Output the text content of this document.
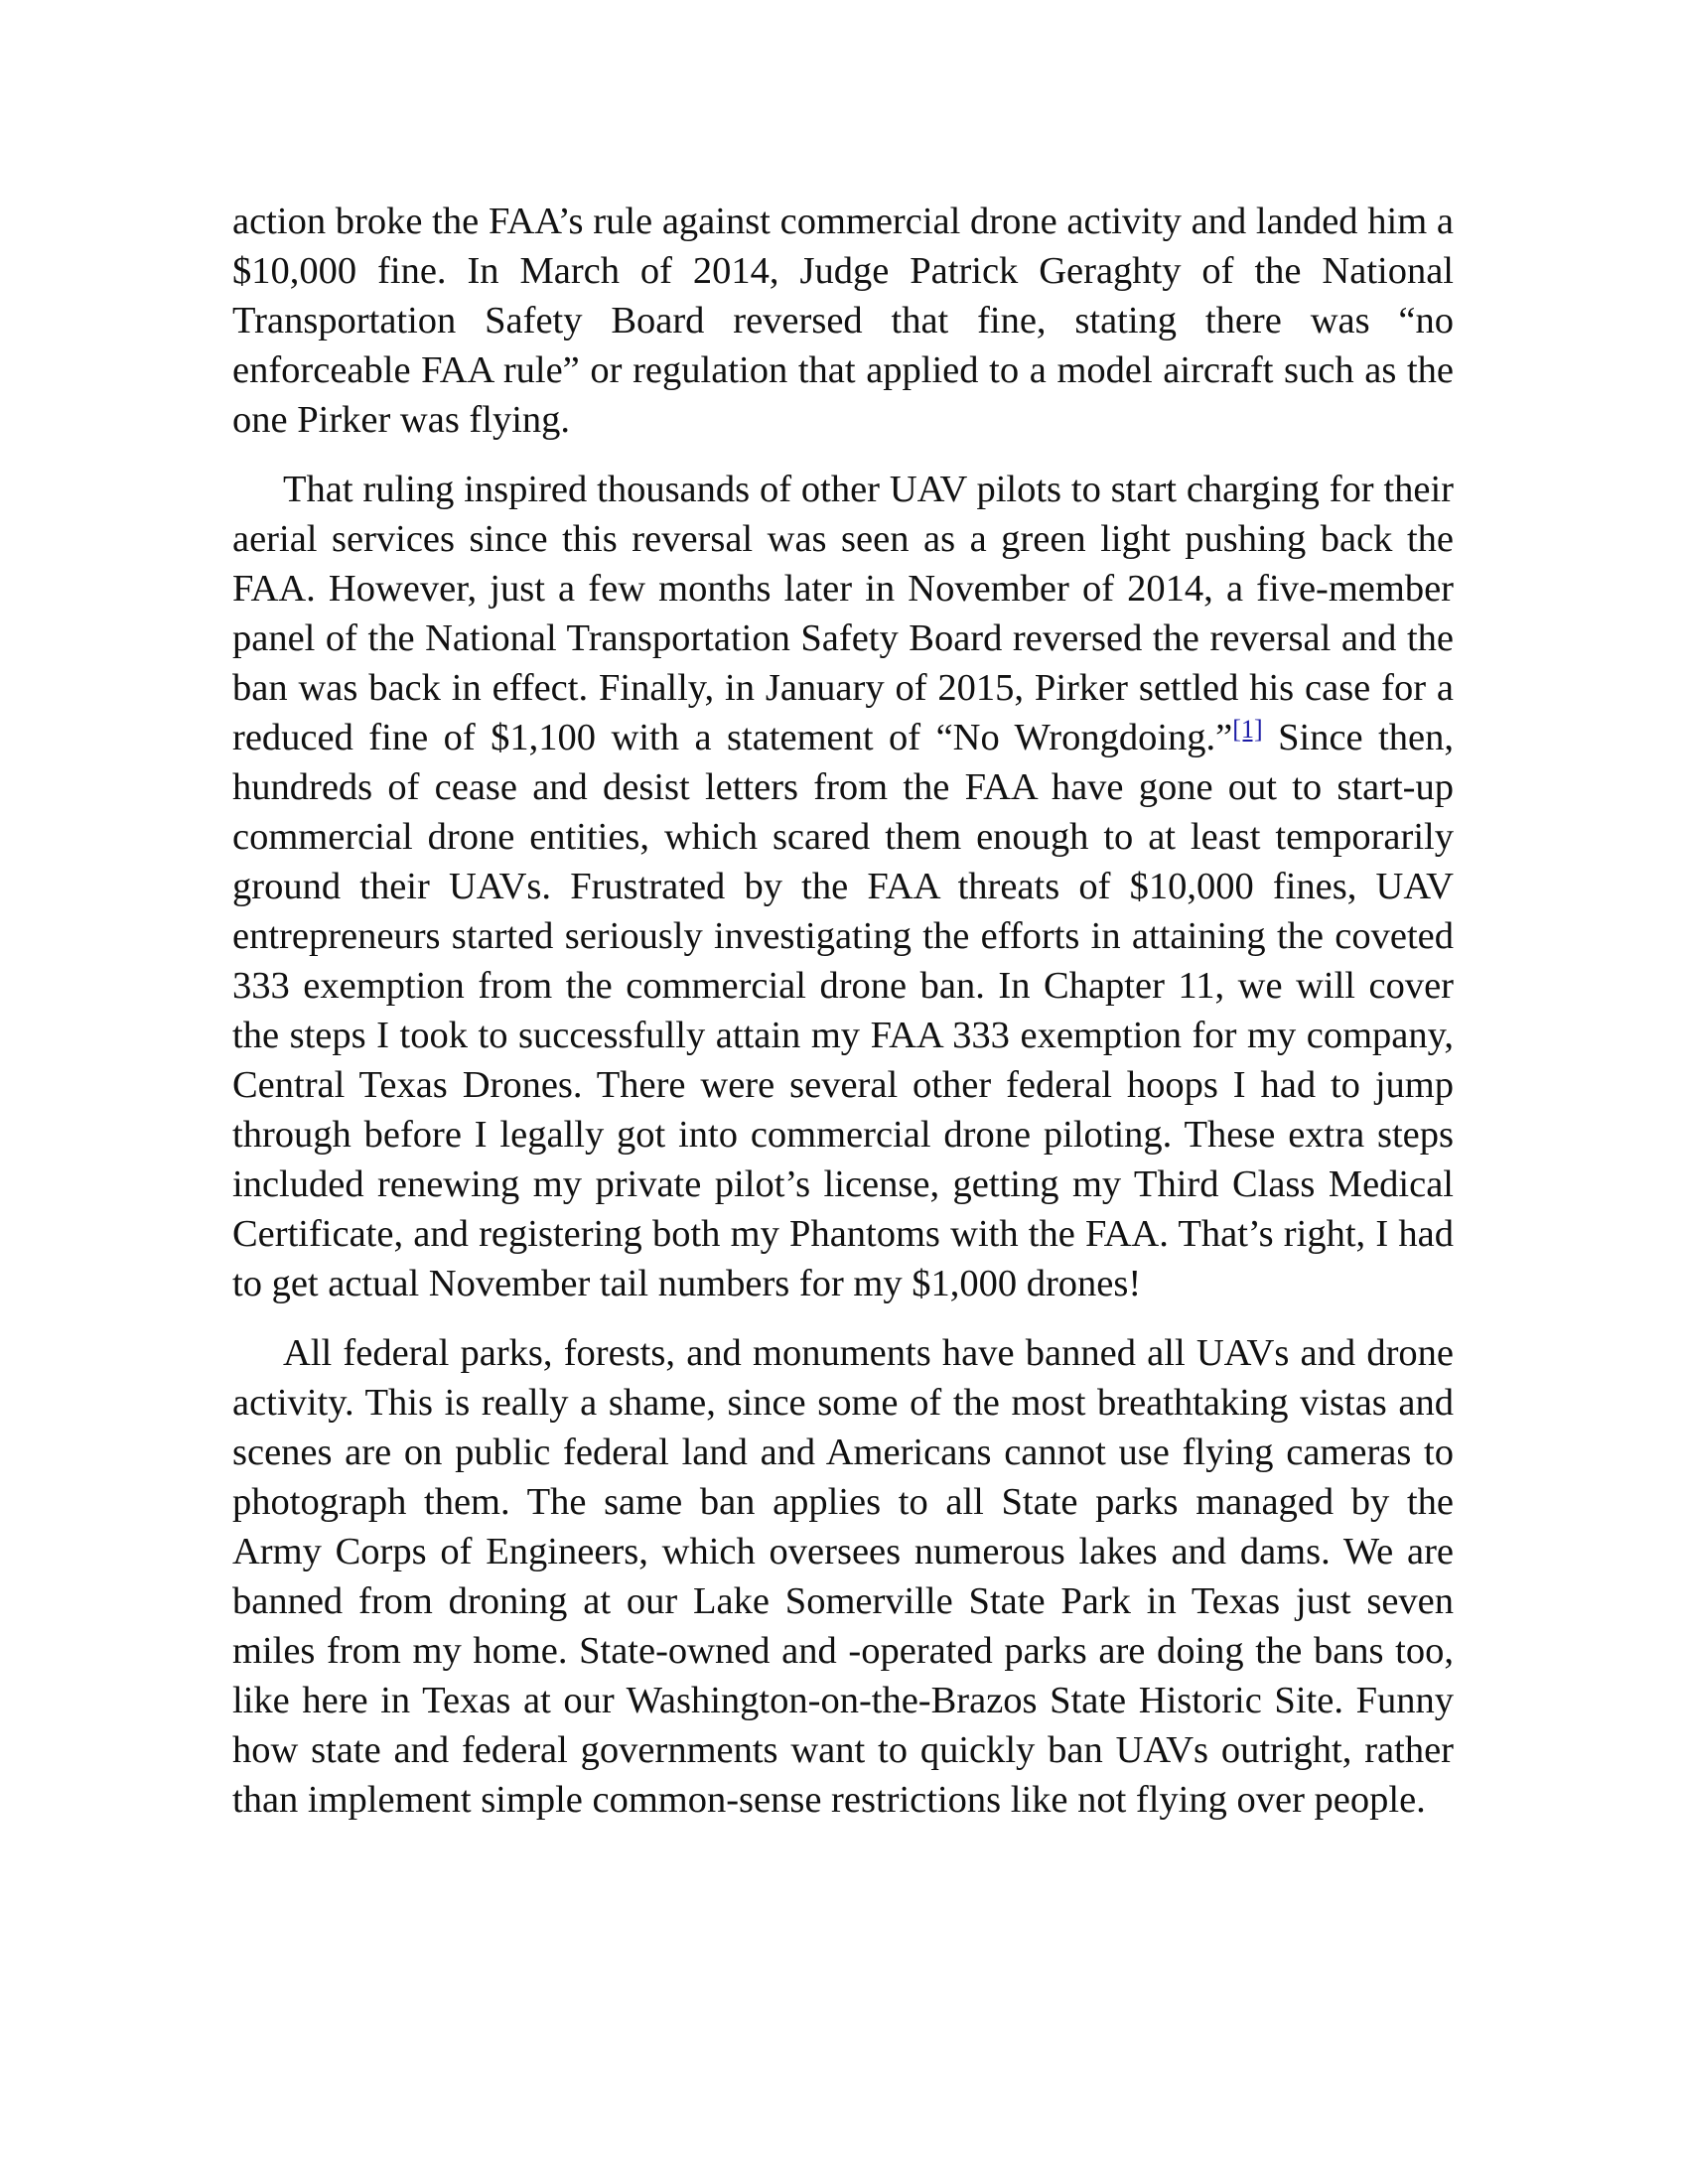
action broke the FAA’s rule against commercial drone activity and landed him a $10,000 fine. In March of 2014, Judge Patrick Geraghty of the National Transportation Safety Board reversed that fine, stating there was “no enforceable FAA rule” or regulation that applied to a model aircraft such as the one Pirker was flying.

That ruling inspired thousands of other UAV pilots to start charging for their aerial services since this reversal was seen as a green light pushing back the FAA. However, just a few months later in November of 2014, a five-member panel of the National Transportation Safety Board reversed the reversal and the ban was back in effect. Finally, in January of 2015, Pirker settled his case for a reduced fine of $1,100 with a statement of “No Wrongdoing.”[1] Since then, hundreds of cease and desist letters from the FAA have gone out to start-up commercial drone entities, which scared them enough to at least temporarily ground their UAVs. Frustrated by the FAA threats of $10,000 fines, UAV entrepreneurs started seriously investigating the efforts in attaining the coveted 333 exemption from the commercial drone ban. In Chapter 11, we will cover the steps I took to successfully attain my FAA 333 exemption for my company, Central Texas Drones. There were several other federal hoops I had to jump through before I legally got into commercial drone piloting. These extra steps included renewing my private pilot’s license, getting my Third Class Medical Certificate, and registering both my Phantoms with the FAA. That’s right, I had to get actual November tail numbers for my $1,000 drones!

All federal parks, forests, and monuments have banned all UAVs and drone activity. This is really a shame, since some of the most breathtaking vistas and scenes are on public federal land and Americans cannot use flying cameras to photograph them. The same ban applies to all State parks managed by the Army Corps of Engineers, which oversees numerous lakes and dams. We are banned from droning at our Lake Somerville State Park in Texas just seven miles from my home. State-owned and -operated parks are doing the bans too, like here in Texas at our Washington-on-the-Brazos State Historic Site. Funny how state and federal governments want to quickly ban UAVs outright, rather than implement simple common-sense restrictions like not flying over people.
